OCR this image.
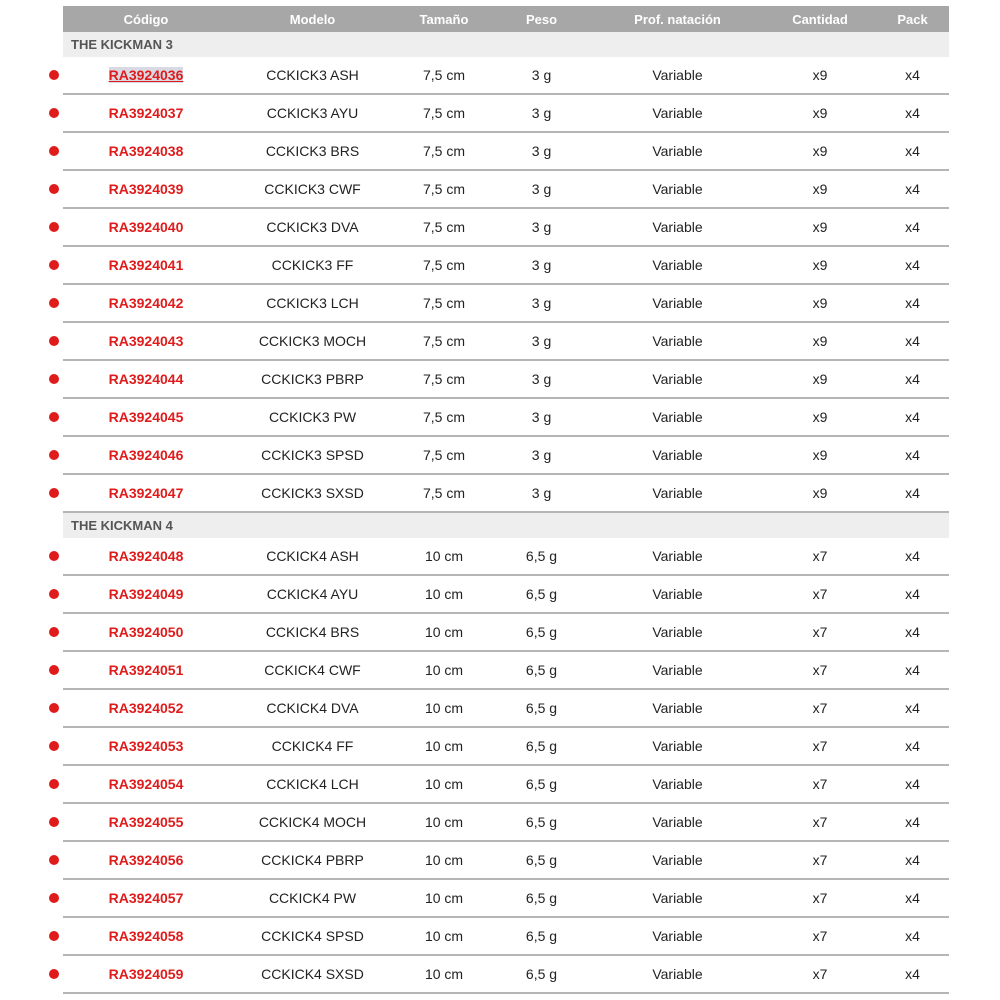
Código	Modelo	Tamaño	Peso	Prof. natación	Cantidad	Pack
THE KICKMAN 3
RA3924036	CCKICK3 ASH	7,5 cm	3 g	Variable	x9	x4
RA3924037	CCKICK3 AYU	7,5 cm	3 g	Variable	x9	x4
RA3924038	CCKICK3 BRS	7,5 cm	3 g	Variable	x9	x4
RA3924039	CCKICK3 CWF	7,5 cm	3 g	Variable	x9	x4
RA3924040	CCKICK3 DVA	7,5 cm	3 g	Variable	x9	x4
RA3924041	CCKICK3 FF	7,5 cm	3 g	Variable	x9	x4
RA3924042	CCKICK3 LCH	7,5 cm	3 g	Variable	x9	x4
RA3924043	CCKICK3 MOCH	7,5 cm	3 g	Variable	x9	x4
RA3924044	CCKICK3 PBRP	7,5 cm	3 g	Variable	x9	x4
RA3924045	CCKICK3 PW	7,5 cm	3 g	Variable	x9	x4
RA3924046	CCKICK3 SPSD	7,5 cm	3 g	Variable	x9	x4
RA3924047	CCKICK3 SXSD	7,5 cm	3 g	Variable	x9	x4
THE KICKMAN 4
RA3924048	CCKICK4 ASH	10 cm	6,5 g	Variable	x7	x4
RA3924049	CCKICK4 AYU	10 cm	6,5 g	Variable	x7	x4
RA3924050	CCKICK4 BRS	10 cm	6,5 g	Variable	x7	x4
RA3924051	CCKICK4 CWF	10 cm	6,5 g	Variable	x7	x4
RA3924052	CCKICK4 DVA	10 cm	6,5 g	Variable	x7	x4
RA3924053	CCKICK4 FF	10 cm	6,5 g	Variable	x7	x4
RA3924054	CCKICK4 LCH	10 cm	6,5 g	Variable	x7	x4
RA3924055	CCKICK4 MOCH	10 cm	6,5 g	Variable	x7	x4
RA3924056	CCKICK4 PBRP	10 cm	6,5 g	Variable	x7	x4
RA3924057	CCKICK4 PW	10 cm	6,5 g	Variable	x7	x4
RA3924058	CCKICK4 SPSD	10 cm	6,5 g	Variable	x7	x4
RA3924059	CCKICK4 SXSD	10 cm	6,5 g	Variable	x7	x4
